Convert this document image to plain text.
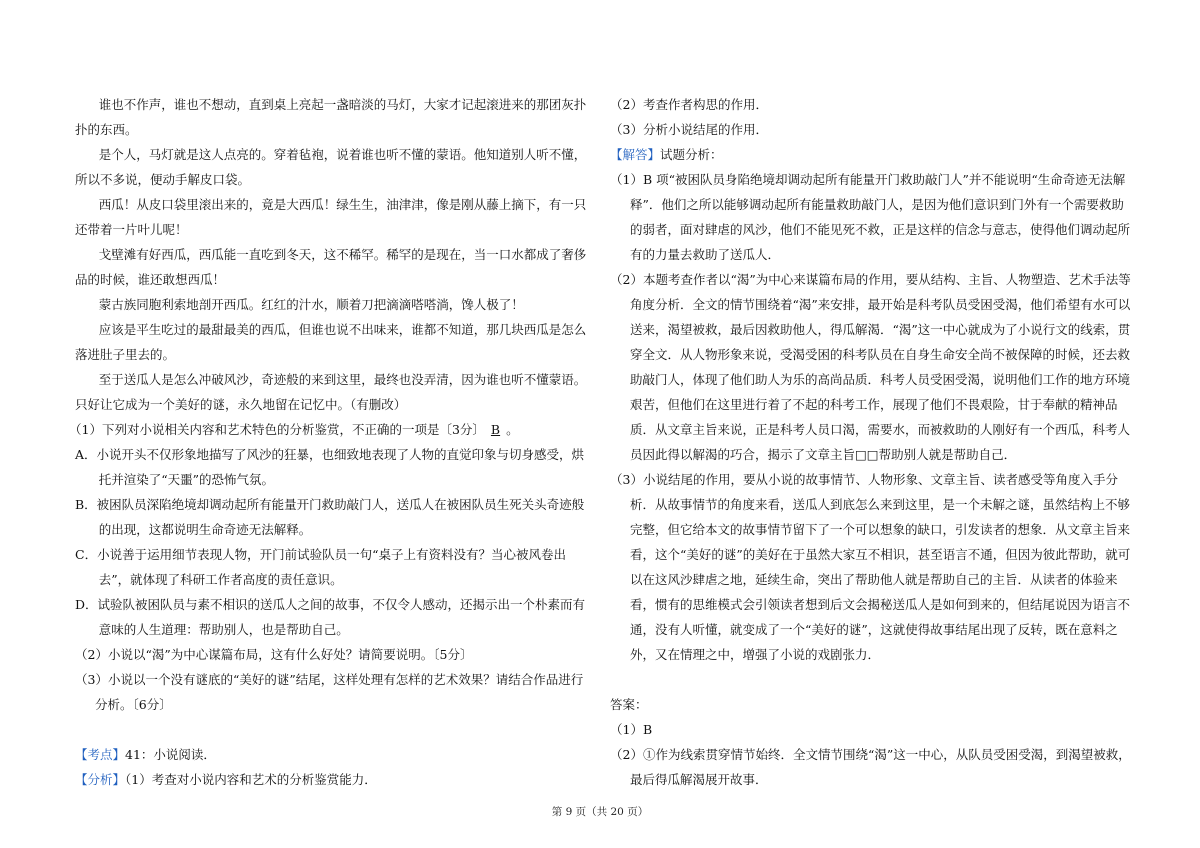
谁也不作声，谁也不想动，直到桌上亮起一盏暗淡的马灯，大家才记起滚进来的那团灰扑扑的东西。

是个人，马灯就是这人点亮的。穿着毡袍，说着谁也听不懂的蒙语。他知道别人听不懂，所以不多说，便动手解皮口袋。

西瓜！从皮口袋里滚出来的，竟是大西瓜！绿生生，油津津，像是刚从藤上摘下，有一只还带着一片叶儿呢！

戈壁滩有好西瓜，西瓜能一直吃到冬天，这不稀罕。稀罕的是现在，当一口水都成了奢侈品的时候，谁还敢想西瓜！

蒙古族同胞利索地剖开西瓜。红红的汁水，顺着刀把滴滴嗒嗒淌，馋人极了！

应该是平生吃过的最甜最美的西瓜，但谁也说不出味来，谁都不知道，那几块西瓜是怎么落进肚子里去的。

至于送瓜人是怎么冲破风沙，奇迹般的来到这里，最终也没弄清，因为谁也听不懂蒙语。只好让它成为一个美好的谜，永久地留在记忆中。（有删改）

（1）下列对小说相关内容和艺术特色的分析鉴赏，不正确的一项是〔3分〕 B 。

A．小说开头不仅形象地描写了风沙的狂暴，也细致地表现了人物的直觉印象与切身感受，烘托并渲染了“天噩”的恐怖气氛。

B．被困队员深陷绝境却调动起所有能量开门救助敲门人，送瓜人在被困队员生死关头奇迹般的出现，这都说明生命奇迹无法解释。

C．小说善于运用细节表现人物，开门前试验队员一句“桌子上有资料没有？当心被风卷出去”，就体现了科研工作者高度的责任意识。

D．试验队被困队员与素不相识的送瓜人之间的故事，不仅令人感动，还揭示出一个朴素而有意味的人生道理：帮助别人，也是帮助自己。

（2）小说以“渴”为中心谋篇布局，这有什么好处？请简要说明。〔5分〕

（3）小说以一个没有谜底的“美好的谜”结尾，这样处理有怎样的艺术效果？请结合作品进行分析。〔6分〕

【考点】41：小说阅读．

【分析】（1）考查对小说内容和艺术的分析鉴赏能力．

（2）考查作者构思的作用．

（3）分析小说结尾的作用．

【解答】试题分析：

（1）B 项“被困队员身陷绝境却调动起所有能量开门救助敲门人”并不能说明“生命奇迹无法解释”．他们之所以能够调动起所有能量救助敲门人，是因为他们意识到门外有一个需要救助的弱者，面对肆虐的风沙，他们不能见死不救，正是这样的信念与意志，使得他们调动起所有的力量去救助了送瓜人．

（2）本题考查作者以“渴”为中心来谋篇布局的作用，要从结构、主旨、人物塑造、艺术手法等角度分析．全文的情节围绕着“渴”来安排，最开始是科考队员受困受渴，他们希望有水可以送来，渴望被救，最后因救助他人，得瓜解渴．“渴”这一中心就成为了小说行文的线索，贯穿全文．从人物形象来说，受渴受困的科考队员在自身生命安全尚不被保障的时候，还去救助敲门人，体现了他们助人为乐的高尚品质．科考人员受困受渴，说明他们工作的地方环境艰苦，但他们在这里进行着了不起的科考工作，展现了他们不畏艰险，甘于奉献的精神品质．从文章主旨来说，正是科考人员口渴，需要水，而被救助的人刚好有一个西瓜，科考人员因此得以解渴的巧合，揭示了文章主旨□□帮助别人就是帮助自己．

（3）小说结尾的作用，要从小说的故事情节、人物形象、文章主旨、读者感受等角度入手分析．从故事情节的角度来看，送瓜人到底怎么来到这里，是一个未解之谜，虽然结构上不够完整，但它给本文的故事情节留下了一个可以想象的缺口，引发读者的想象．从文章主旨来看，这个“美好的谜”的美好在于虽然大家互不相识，甚至语言不通，但因为彼此帮助，就可以在这风沙肆虐之地，延续生命，突出了帮助他人就是帮助自己的主旨．从读者的体验来看，惯有的思维模式会引领读者想到后文会揭秘送瓜人是如何到来的，但结尾说因为语言不通，没有人听懂，就变成了一个“美好的谜”，这就使得故事结尾出现了反转，既在意料之外，又在情理之中，增强了小说的戏剧张力．

答案：

（1）B

（2）①作为线索贯穿情节始终．全文情节围绕“渴”这一中心，从队员受困受渴，到渴望被救，最后得瓜解渴展开故事．

第 9 页（共 20 页）
